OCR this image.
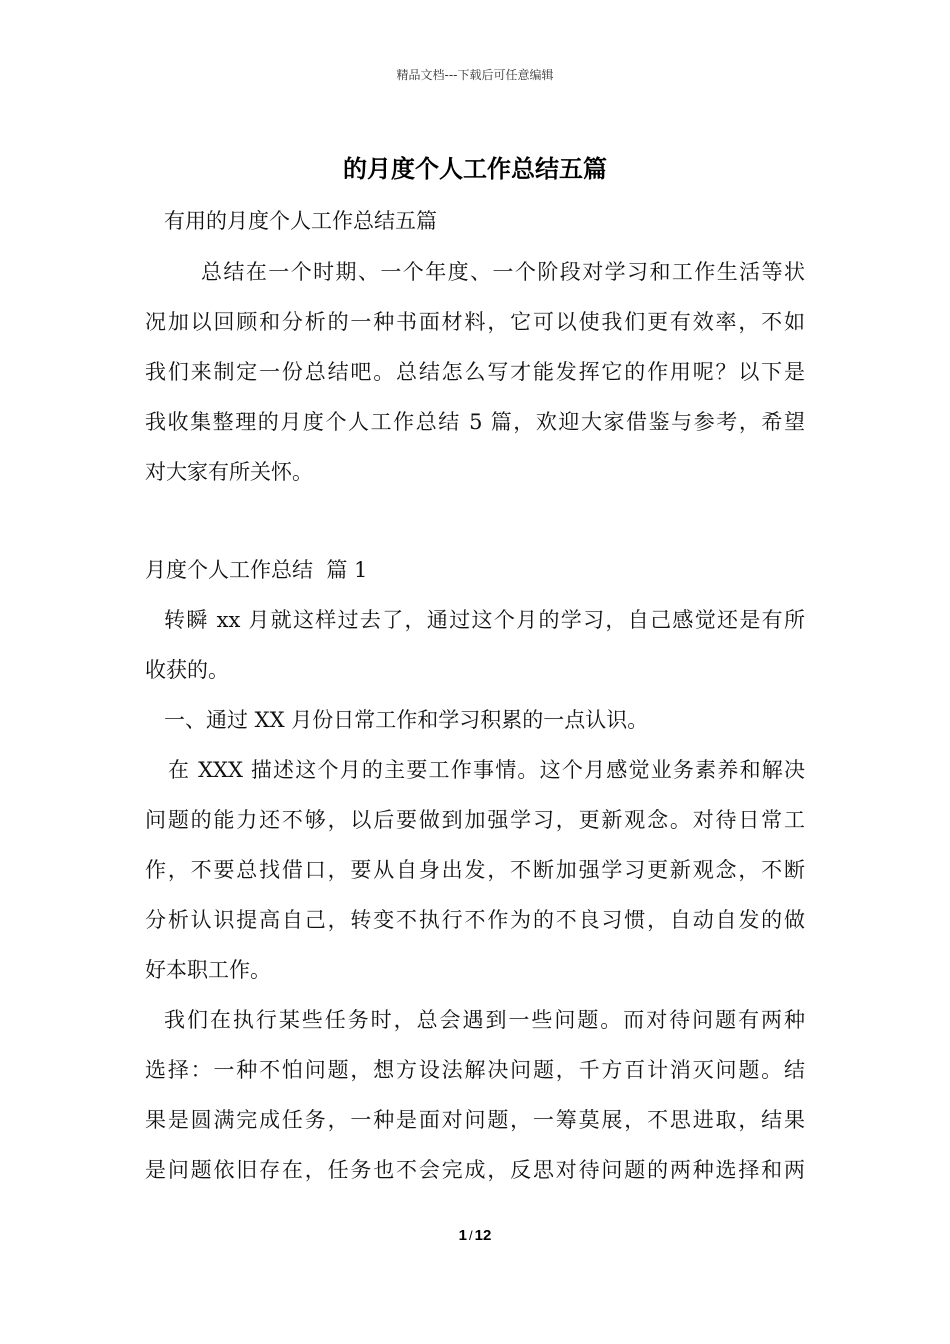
精品文档---下载后可任意编辑
的月度个人工作总结五篇
有用的月度个人工作总结五篇
总结在一个时期、一个年度、一个阶段对学习和工作生活等状
况加以回顾和分析的一种书面材料，它可以使我们更有效率，不如
我们来制定一份总结吧。总结怎么写才能发挥它的作用呢？以下是
我收集整理的月度个人工作总结 5 篇，欢迎大家借鉴与参考，希望
对大家有所关怀。
月度个人工作总结  篇 1
转瞬 xx 月就这样过去了，通过这个月的学习，自己感觉还是有所
收获的。
一、通过 XX 月份日常工作和学习积累的一点认识。
在 XXX 描述这个月的主要工作事情。这个月感觉业务素养和解决
问题的能力还不够，以后要做到加强学习，更新观念。对待日常工
作，不要总找借口，要从自身出发，不断加强学习更新观念，不断
分析认识提高自己，转变不执行不作为的不良习惯，自动自发的做
好本职工作。
我们在执行某些任务时，总会遇到一些问题。而对待问题有两种
选择：一种不怕问题，想方设法解决问题，千方百计消灭问题。结
果是圆满完成任务，一种是面对问题，一筹莫展，不思进取，结果
是问题依旧存在，任务也不会完成，反思对待问题的两种选择和两
1 / 12
